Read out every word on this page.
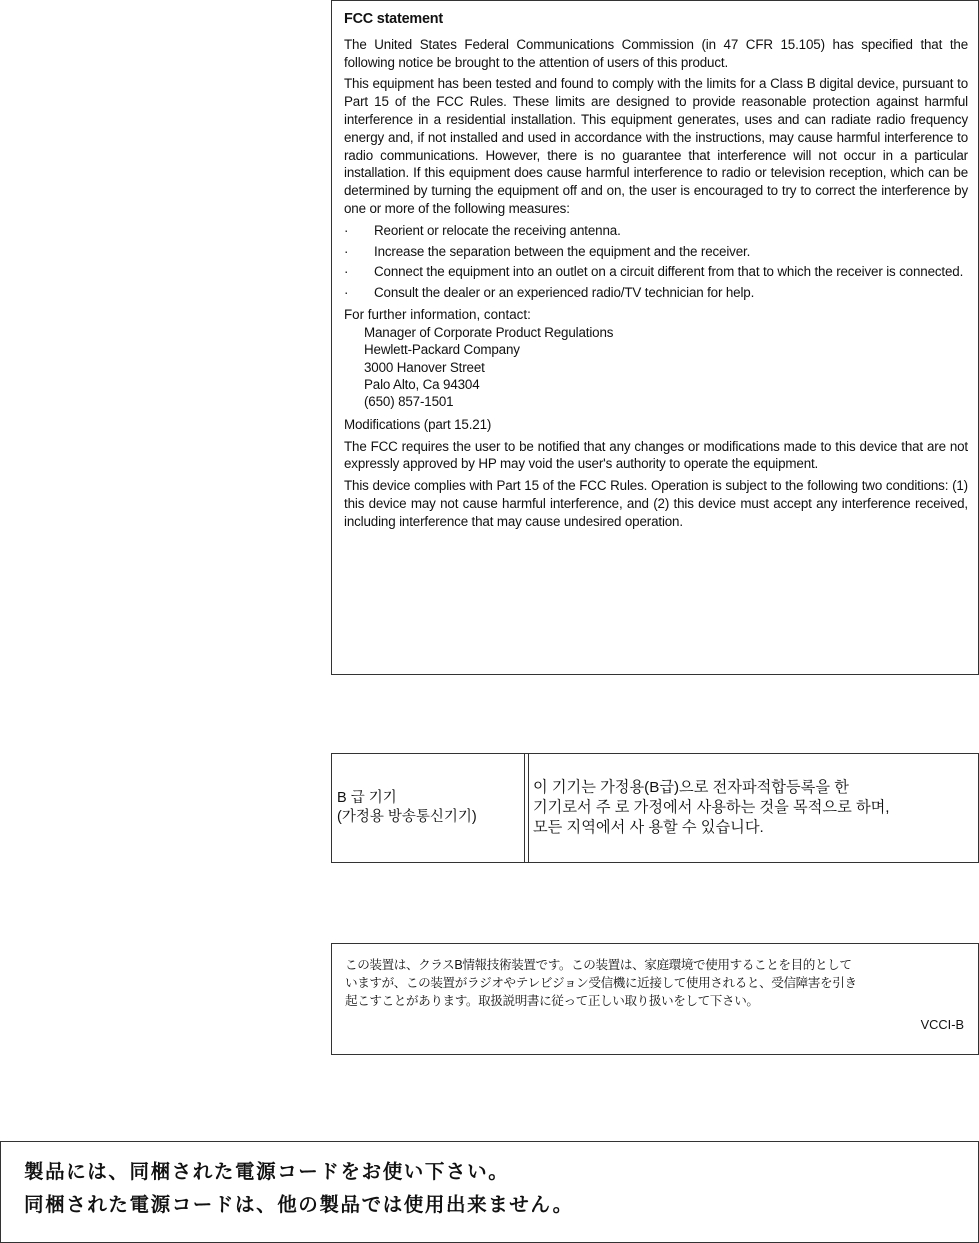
FCC statement

The United States Federal Communications Commission (in 47 CFR 15.105) has specified that the following notice be brought to the attention of users of this product.

This equipment has been tested and found to comply with the limits for a Class B digital device, pursuant to Part 15 of the FCC Rules. These limits are designed to provide reasonable protection against harmful interference in a residential installation. This equipment generates, uses and can radiate radio frequency energy and, if not installed and used in accordance with the instructions, may cause harmful interference to radio communications. However, there is no guarantee that interference will not occur in a particular installation. If this equipment does cause harmful interference to radio or television reception, which can be determined by turning the equipment off and on, the user is encouraged to try to correct the interference by one or more of the following measures:

· Reorient or relocate the receiving antenna.
· Increase the separation between the equipment and the receiver.
· Connect the equipment into an outlet on a circuit different from that to which the receiver is connected.
· Consult the dealer or an experienced radio/TV technician for help.
For further information, contact:
Manager of Corporate Product Regulations
Hewlett-Packard Company
3000 Hanover Street
Palo Alto, Ca 94304
(650) 857-1501

Modifications (part 15.21)

The FCC requires the user to be notified that any changes or modifications made to this device that are not expressly approved by HP may void the user's authority to operate the equipment.

This device complies with Part 15 of the FCC Rules. Operation is subject to the following two conditions: (1) this device may not cause harmful interference, and (2) this device must accept any interference received, including interference that may cause undesired operation.

B 급 기기
(가정용 방송통신기기)
이 기기는 가정용(B급)으로 전자파적합등록을 한
기기로서 주 로 가정에서 사용하는 것을 목적으로 하며,
모든 지역에서 사 용할 수 있습니다.
この装置は、クラスB情報技術装置です。この装置は、家庭環境で使用することを目的として
いますが、この装置がラジオやテレビジョン受信機に近接して使用されると、受信障害を引き
起こすことがあります。取扱説明書に従って正しい取り扱いをして下さい。
VCCI-B
製品には、同梱された電源コードをお使い下さい。
同梱された電源コードは、他の製品では使用出来ません。
